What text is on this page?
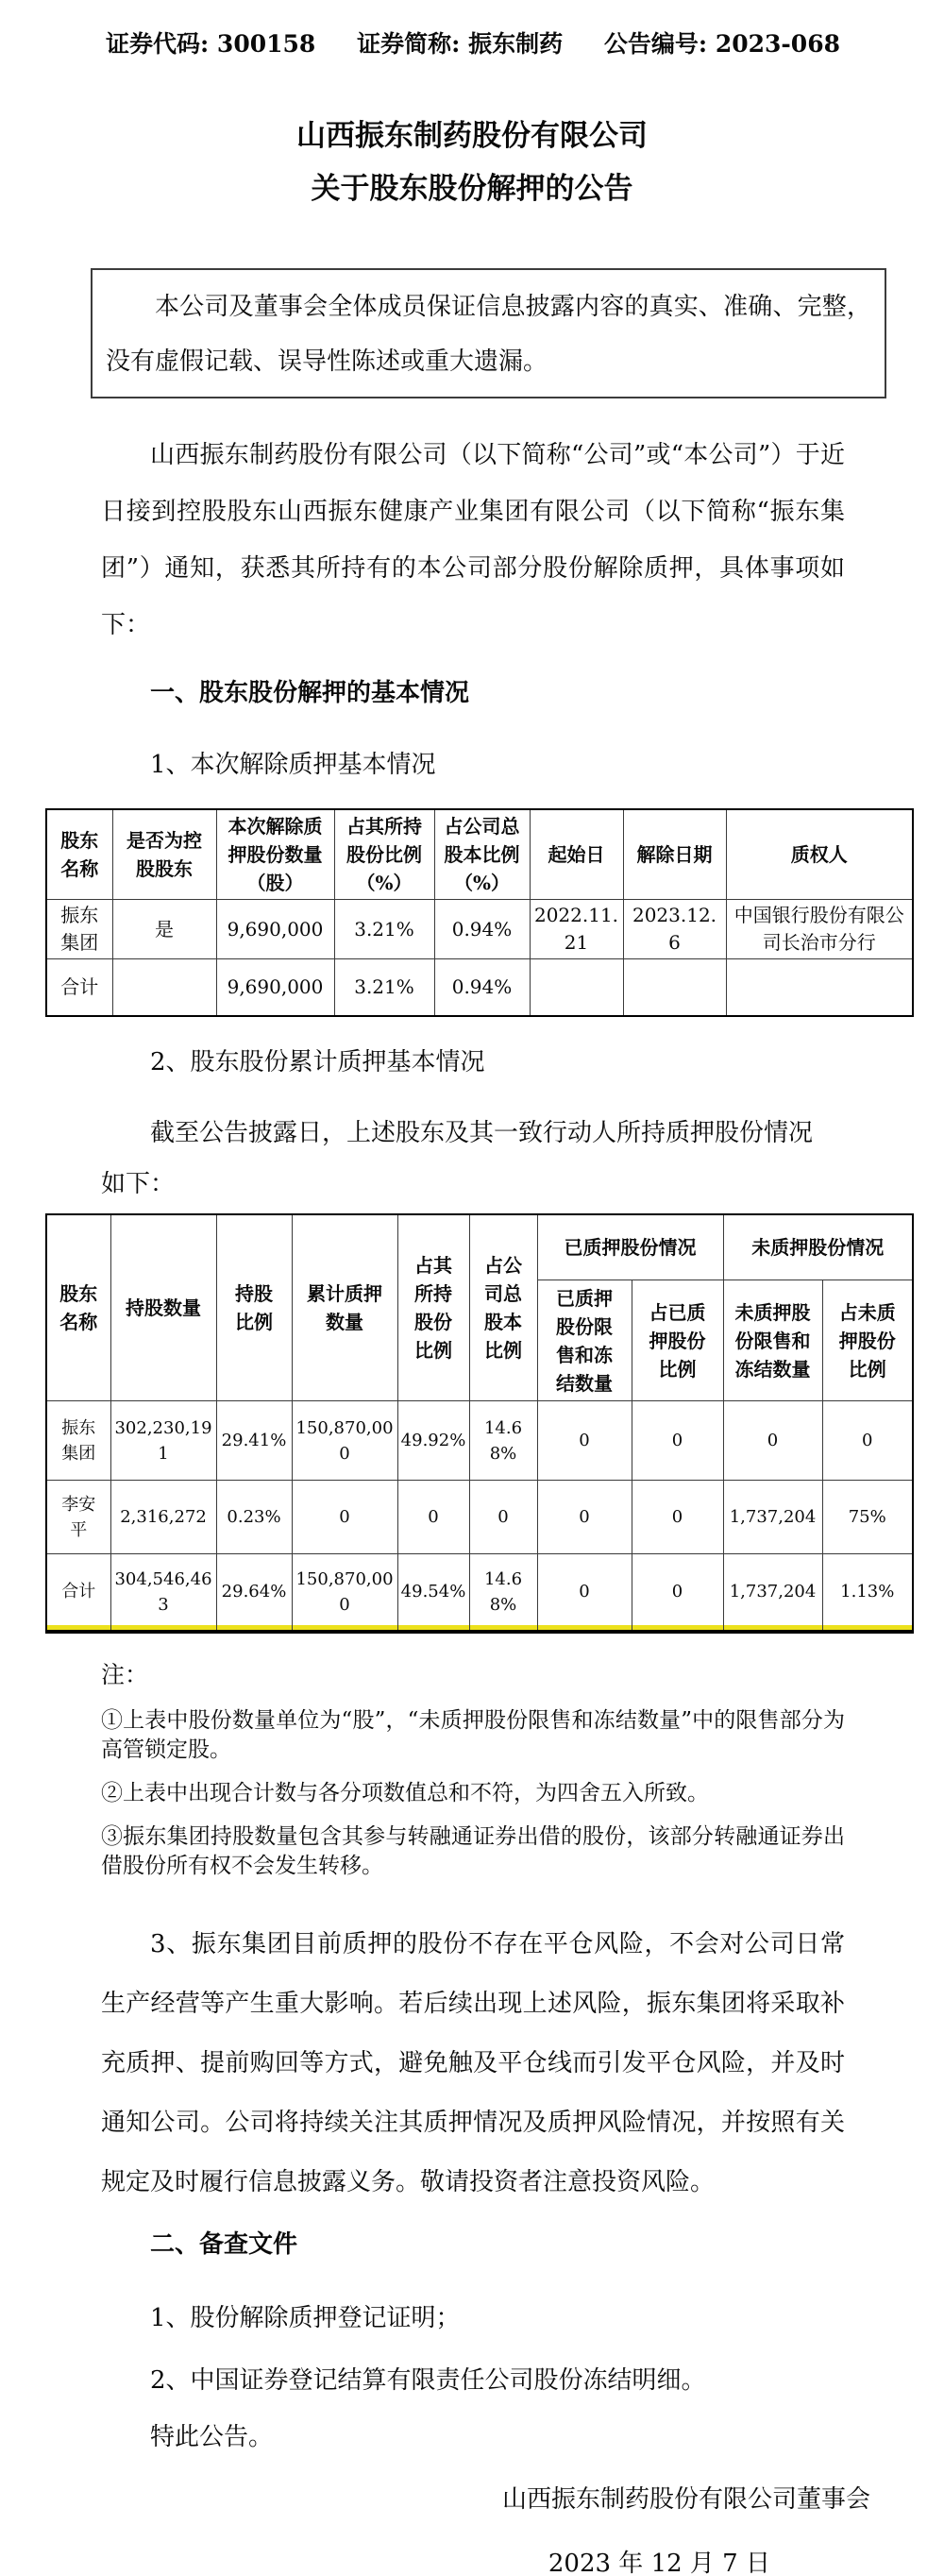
证券代码: 300158 证券简称: 振东制药 公告编号: 2023-068
山西振东制药股份有限公司
关于股东股份解押的公告
本公司及董事会全体成员保证信息披露内容的真实、准确、完整，没有虚假记载、误导性陈述或重大遗漏。
山西振东制药股份有限公司（以下简称“公司”或“本公司”）于近日接到控股股东山西振东健康产业集团有限公司（以下简称“振东集团”）通知，获悉其所持有的本公司部分股份解除质押，具体事项如下：
一、股东股份解押的基本情况
1、本次解除质押基本情况
股东名称	是否为控股股东	本次解除质押股份数量（股）	占其所持股份比例（%）	占公司总股本比例（%）	起始日	解除日期	质权人
振东集团	是	9,690,000	3.21%	0.94%	2022.11.21	2023.12.6	中国银行股份有限公司长治市分行
合计		9,690,000	3.21%	0.94%			
2、股东股份累计质押基本情况
截至公告披露日，上述股东及其一致行动人所持质押股份情况
如下：
股东名称	持股数量	持股比例	累计质押数量	占其所持股份比例	占公司总股本比例	已质押股份情况		未质押股份情况	
						已质押股份限售和冻结数量	占已质押股份比例	未质押股份限售和冻结数量	占未质押股份比例
振东集团	302,230,191	29.41%	150,870,000	49.92%	14.68%	0	0	0	0
李安平	2,316,272	0.23%	0	0	0	0	0	1,737,204	75%
合计	304,546,463	29.64%	150,870,000	49.54%	14.68%	0	0	1,737,204	1.13%
注：
①上表中股份数量单位为“股”，“未质押股份限售和冻结数量”中的限售部分为高管锁定股。
②上表中出现合计数与各分项数值总和不符，为四舍五入所致。
③振东集团持股数量包含其参与转融通证券出借的股份，该部分转融通证券出借股份所有权不会发生转移。
3、振东集团目前质押的股份不存在平仓风险，不会对公司日常生产经营等产生重大影响。若后续出现上述风险，振东集团将采取补充质押、提前购回等方式，避免触及平仓线而引发平仓风险，并及时通知公司。公司将持续关注其质押情况及质押风险情况，并按照有关规定及时履行信息披露义务。敬请投资者注意投资风险。
二、备查文件
1、股份解除质押登记证明；
2、中国证券登记结算有限责任公司股份冻结明细。
特此公告。
山西振东制药股份有限公司董事会
2023 年 12 月 7 日
